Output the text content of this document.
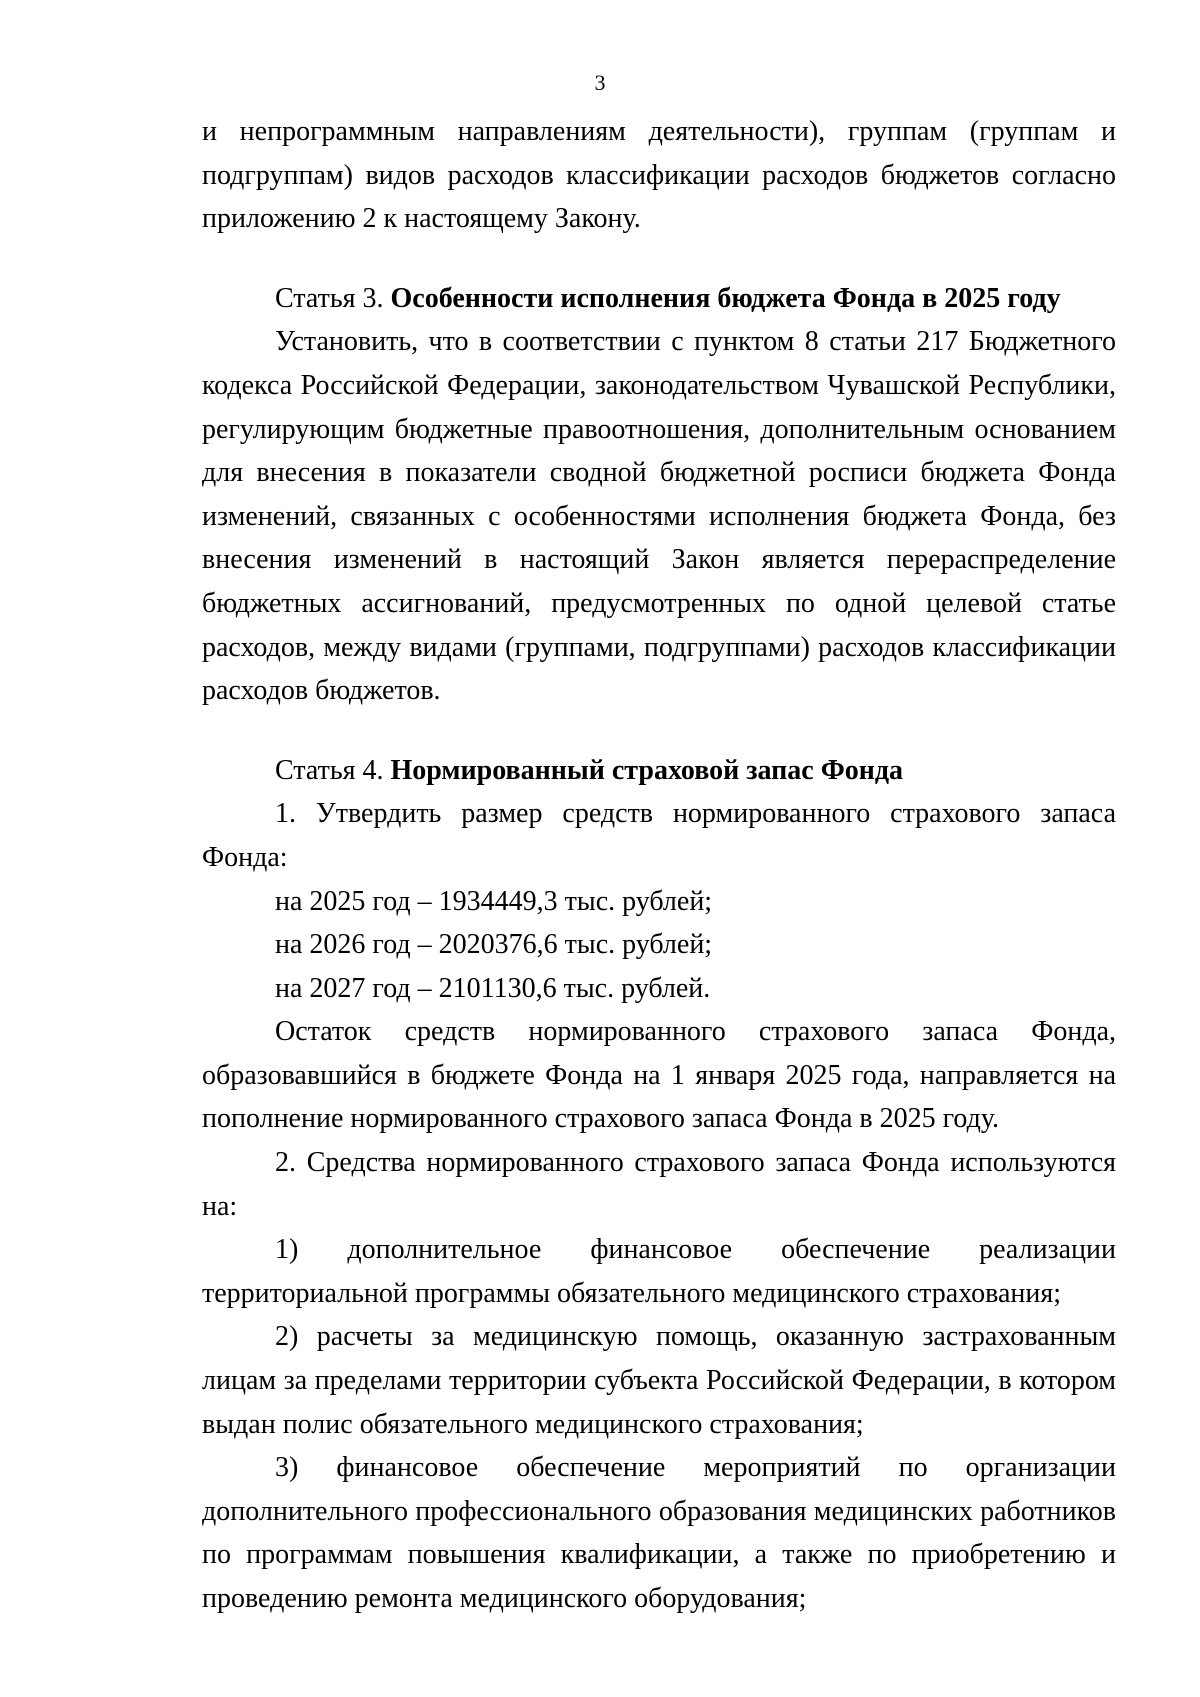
3

и непрограммным направлениям деятельности), группам (группам и подгруппам) видов расходов классификации расходов бюджетов согласно приложению 2 к настоящему Закону.

Статья 3. Особенности исполнения бюджета Фонда в 2025 году

Установить, что в соответствии с пунктом 8 статьи 217 Бюджетного кодекса Российской Федерации, законодательством Чувашской Республики, регулирующим бюджетные правоотношения, дополнительным основанием для внесения в показатели сводной бюджетной росписи бюджета Фонда изменений, связанных с особенностями исполнения бюджета Фонда, без внесения изменений в настоящий Закон является перераспределение бюджетных ассигнований, предусмотренных по одной целевой статье расходов, между видами (группами, подгруппами) расходов классификации расходов бюджетов.

Статья 4. Нормированный страховой запас Фонда

1. Утвердить размер средств нормированного страхового запаса Фонда:

на 2025 год – 1934449,3 тыс. рублей;

на 2026 год – 2020376,6 тыс. рублей;

на 2027 год – 2101130,6 тыс. рублей.

Остаток средств нормированного страхового запаса Фонда, образовавшийся в бюджете Фонда на 1 января 2025 года, направляется на пополнение нормированного страхового запаса Фонда в 2025 году.

2. Средства нормированного страхового запаса Фонда используются на:

1) дополнительное финансовое обеспечение реализации территориальной программы обязательного медицинского страхования;

2) расчеты за медицинскую помощь, оказанную застрахованным лицам за пределами территории субъекта Российской Федерации, в котором выдан полис обязательного медицинского страхования;

3) финансовое обеспечение мероприятий по организации дополнительного профессионального образования медицинских работников по программам повышения квалификации, а также по приобретению и проведению ремонта медицинского оборудования;
